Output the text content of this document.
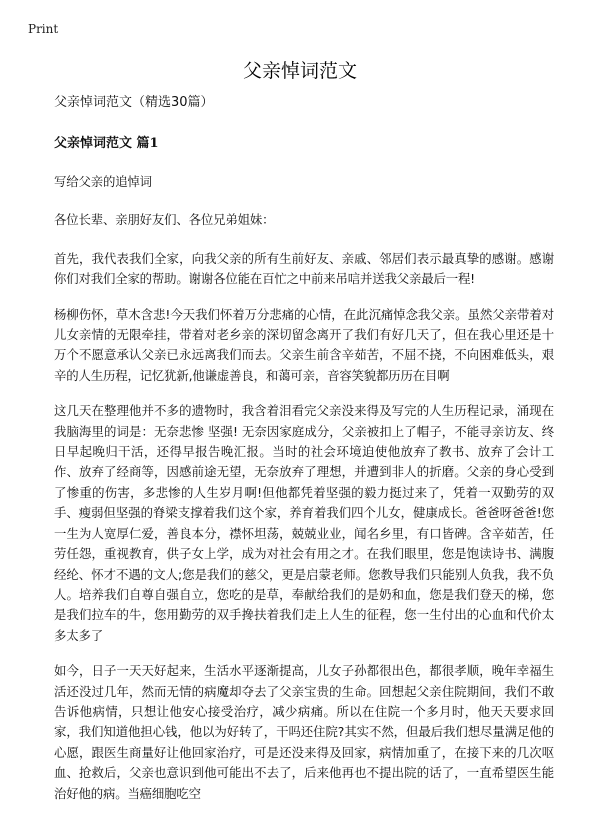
Print
父亲悼词范文
父亲悼词范文（精选30篇）
父亲悼词范文 篇1

写给父亲的追悼词

各位长辈、亲朋好友们、各位兄弟姐妹：

首先，我代表我们全家，向我父亲的所有生前好友、亲戚、邻居们表示最真挚的感谢。感谢你们对我们全家的帮助。谢谢各位能在百忙之中前来吊唁并送我父亲最后一程!

杨柳伤怀，草木含悲!今天我们怀着万分悲痛的心情，在此沉痛悼念我父亲。虽然父亲带着对儿女亲情的无限牵挂，带着对老乡亲的深切留念离开了我们有好几天了，但在我心里还是十万个不愿意承认父亲已永远离我们而去。父亲生前含辛茹苦，不屈不挠，不向困难低头，艰辛的人生历程，记忆犹新,他谦虚善良，和蔼可亲，音容笑貌都历历在目啊

这几天在整理他并不多的遗物时，我含着泪看完父亲没来得及写完的人生历程记录，涌现在我脑海里的词是：无奈悲惨 坚强! 无奈因家庭成分，父亲被扣上了帽子，不能寻亲访友、终日早起晚归干活，还得早报告晚汇报。当时的社会环境迫使他放弃了教书、放弃了会计工作、放弃了经商等，因感前途无望，无奈放弃了理想，并遭到非人的折磨。父亲的身心受到了惨重的伤害，多悲惨的人生岁月啊!但他都凭着坚强的毅力挺过来了，凭着一双勤劳的双手、瘦弱但坚强的脊梁支撑着我们这个家，养育着我们四个儿女，健康成长。爸爸呀爸爸!您一生为人宽厚仁爱，善良本分，襟怀坦荡，兢兢业业，闻名乡里，有口皆碑。含辛茹苦，任劳任怨，重视教育，供子女上学，成为对社会有用之才。在我们眼里，您是饱读诗书、满腹经纶、怀才不遇的文人;您是我们的慈父，更是启蒙老师。您教导我们只能别人负我，我不负人。培养我们自尊自强自立，您吃的是草，奉献给我们的是奶和血，您是我们登天的梯，您是我们拉车的牛，您用勤劳的双手搀扶着我们走上人生的征程，您一生付出的心血和代价太多太多了

如今，日子一天天好起来，生活水平逐渐提高，儿女子孙都很出色，都很孝顺，晚年幸福生活还没过几年，然而无情的病魔却夺去了父亲宝贵的生命。回想起父亲住院期间，我们不敢告诉他病情，只想让他安心接受治疗，减少病痛。所以在住院一个多月时，他天天要求回家，我们知道他担心钱，他以为好转了，干吗还住院?其实不然，但最后我们想尽量满足他的心愿，跟医生商量好让他回家治疗，可是还没来得及回家，病情加重了，在接下来的几次呕血、抢救后，父亲也意识到他可能出不去了，后来他再也不提出院的话了，一直希望医生能治好他的病。当癌细胞吃空
